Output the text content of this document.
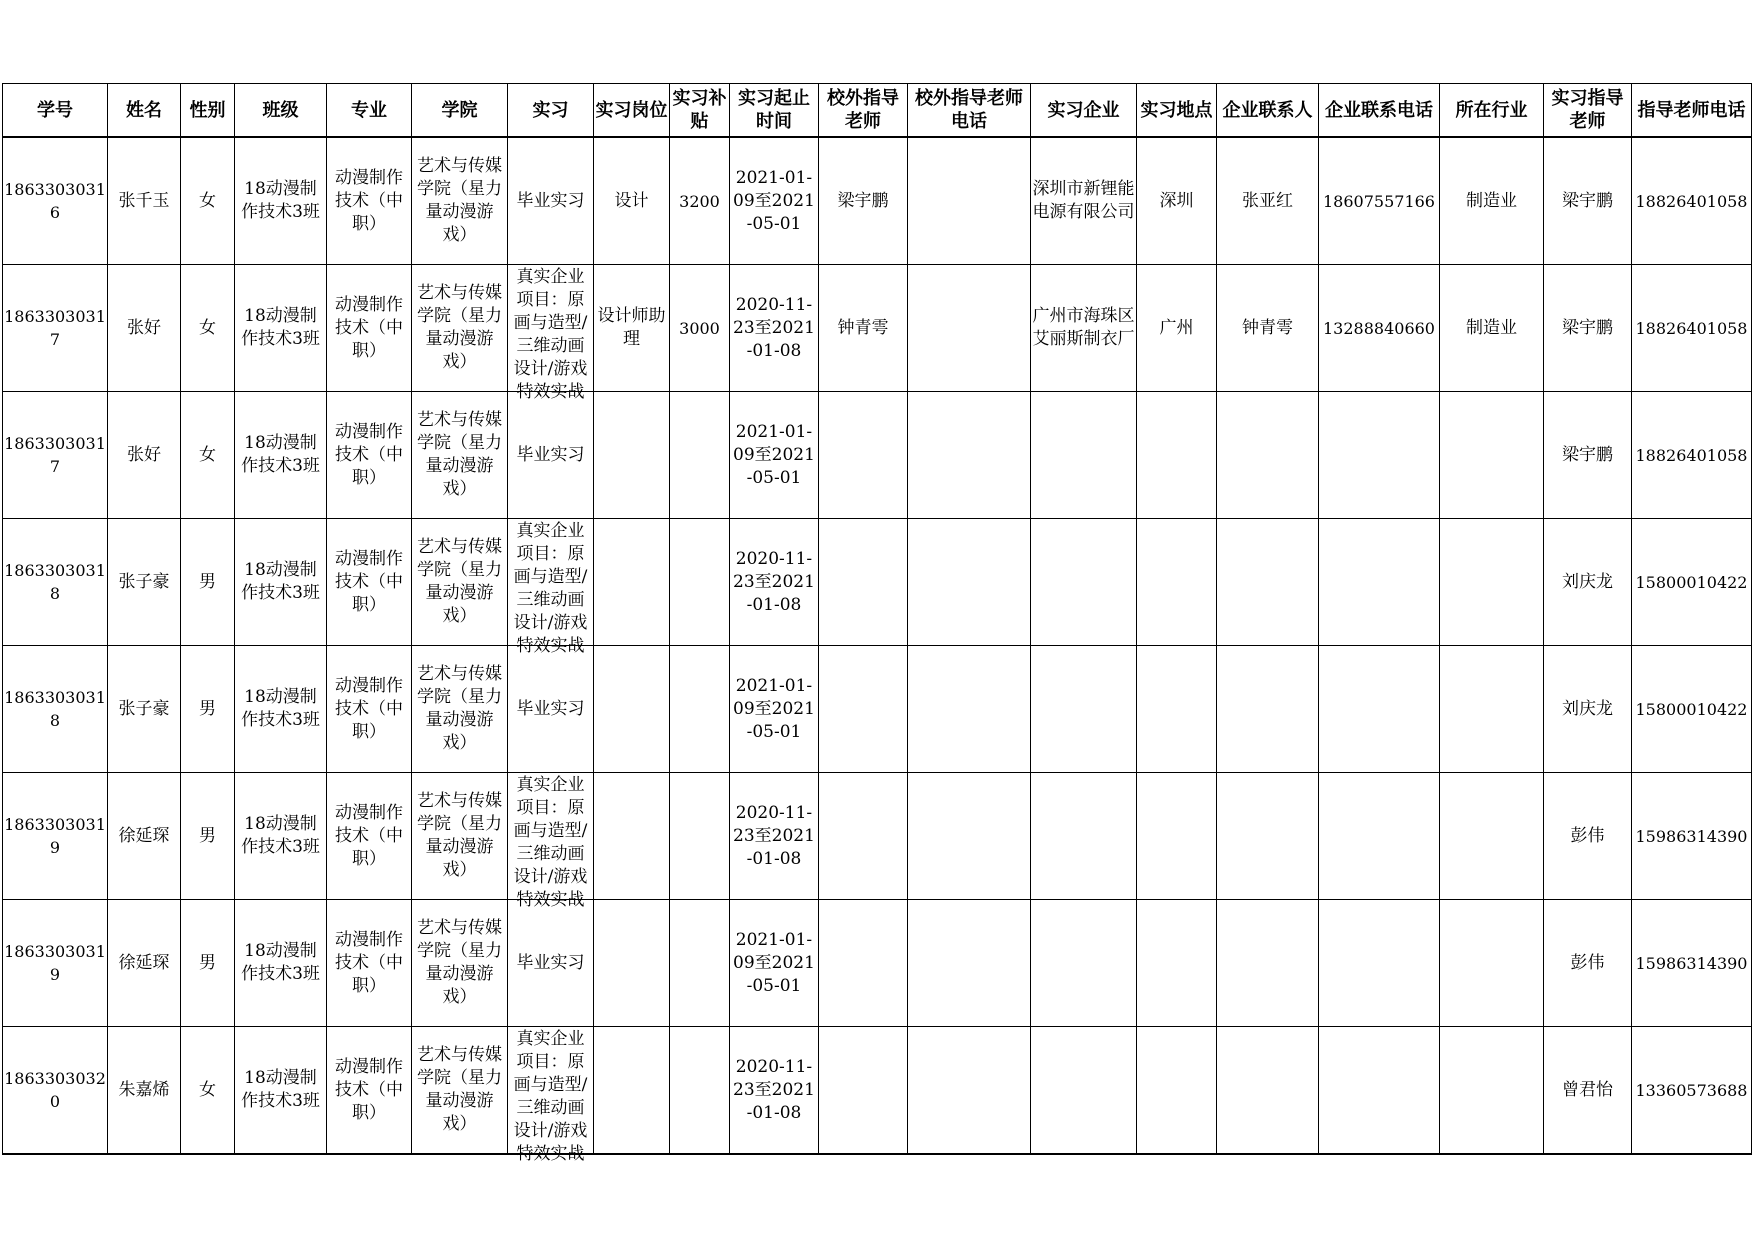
学号	姓名	性别	班级	专业	学院	实习	实习岗位	实习补贴	实习起止时间	校外指导老师	校外指导老师电话	实习企业	实习地点	企业联系人	企业联系电话	所在行业	实习指导老师	指导老师电话

18633030316	张千玉	女	18动漫制作技术3班	动漫制作技术（中职）	艺术与传媒学院（星力量动漫游戏）	毕业实习	设计	3200	2021-01-09至2021-05-01	梁宇鹏		深圳市新锂能电源有限公司	深圳	张亚红	18607557166	制造业	梁宇鹏	18826401058

18633030317	张好	女	18动漫制作技术3班	动漫制作技术（中职）	艺术与传媒学院（星力量动漫游戏）	真实企业项目：原画与造型/三维动画设计/游戏特效实战	设计师助理	3000	2020-11-23至2021-01-08	钟青雩		广州市海珠区艾丽斯制衣厂	广州	钟青雩	13288840660	制造业	梁宇鹏	18826401058

18633030317	张好	女	18动漫制作技术3班	动漫制作技术（中职）	艺术与传媒学院（星力量动漫游戏）	毕业实习			2021-01-09至2021-05-01								梁宇鹏	18826401058

18633030318	张子豪	男	18动漫制作技术3班	动漫制作技术（中职）	艺术与传媒学院（星力量动漫游戏）	真实企业项目：原画与造型/三维动画设计/游戏特效实战			2020-11-23至2021-01-08								刘庆龙	15800010422

18633030318	张子豪	男	18动漫制作技术3班	动漫制作技术（中职）	艺术与传媒学院（星力量动漫游戏）	毕业实习			2021-01-09至2021-05-01								刘庆龙	15800010422

18633030319	徐延琛	男	18动漫制作技术3班	动漫制作技术（中职）	艺术与传媒学院（星力量动漫游戏）	真实企业项目：原画与造型/三维动画设计/游戏特效实战			2020-11-23至2021-01-08								彭伟	15986314390

18633030319	徐延琛	男	18动漫制作技术3班	动漫制作技术（中职）	艺术与传媒学院（星力量动漫游戏）	毕业实习			2021-01-09至2021-05-01								彭伟	15986314390

18633030320	朱嘉烯	女	18动漫制作技术3班	动漫制作技术（中职）	艺术与传媒学院（星力量动漫游戏）	真实企业项目：原画与造型/三维动画设计/游戏特效实战			2020-11-23至2021-01-08								曾君怡	13360573688
